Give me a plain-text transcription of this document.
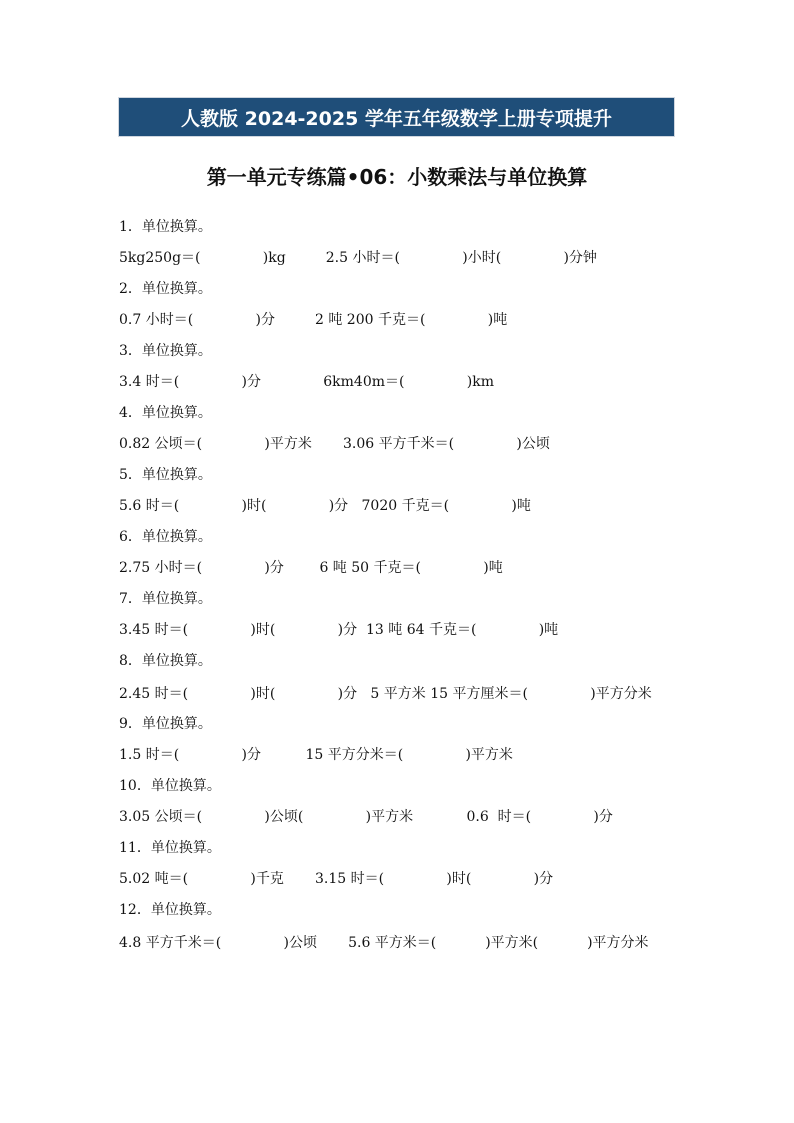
人教版 2024-2025 学年五年级数学上册专项提升
第一单元专练篇•06：小数乘法与单位换算
1．单位换算。
5kg250g＝(              )kg         2.5 小时＝(              )小时(              )分钟
2．单位换算。
0.7 小时＝(              )分         2 吨 200 千克＝(              )吨
3．单位换算。
3.4 时＝(              )分              6km40m＝(              )km
4．单位换算。
0.82 公顷＝(              )平方米       3.06 平方千米＝(              )公顷
5．单位换算。
5.6 时＝(              )时(              )分   7020 千克＝(              )吨
6．单位换算。
2.75 小时＝(              )分        6 吨 50 千克＝(              )吨
7．单位换算。
3.45 时＝(              )时(              )分  13 吨 64 千克＝(              )吨
8．单位换算。
2.45 时＝(              )时(              )分   5 平方米 15 平方厘米＝(              )平方分米
9．单位换算。
1.5 时＝(              )分          15 平方分米＝(              )平方米
10．单位换算。
3.05 公顷＝(              )公顷(              )平方米            0.6  时＝(              )分
11．单位换算。
5.02 吨＝(              )千克       3.15 时＝(              )时(              )分
12．单位换算。
4.8 平方千米＝(              )公顷       5.6 平方米＝(           )平方米(           )平方分米
